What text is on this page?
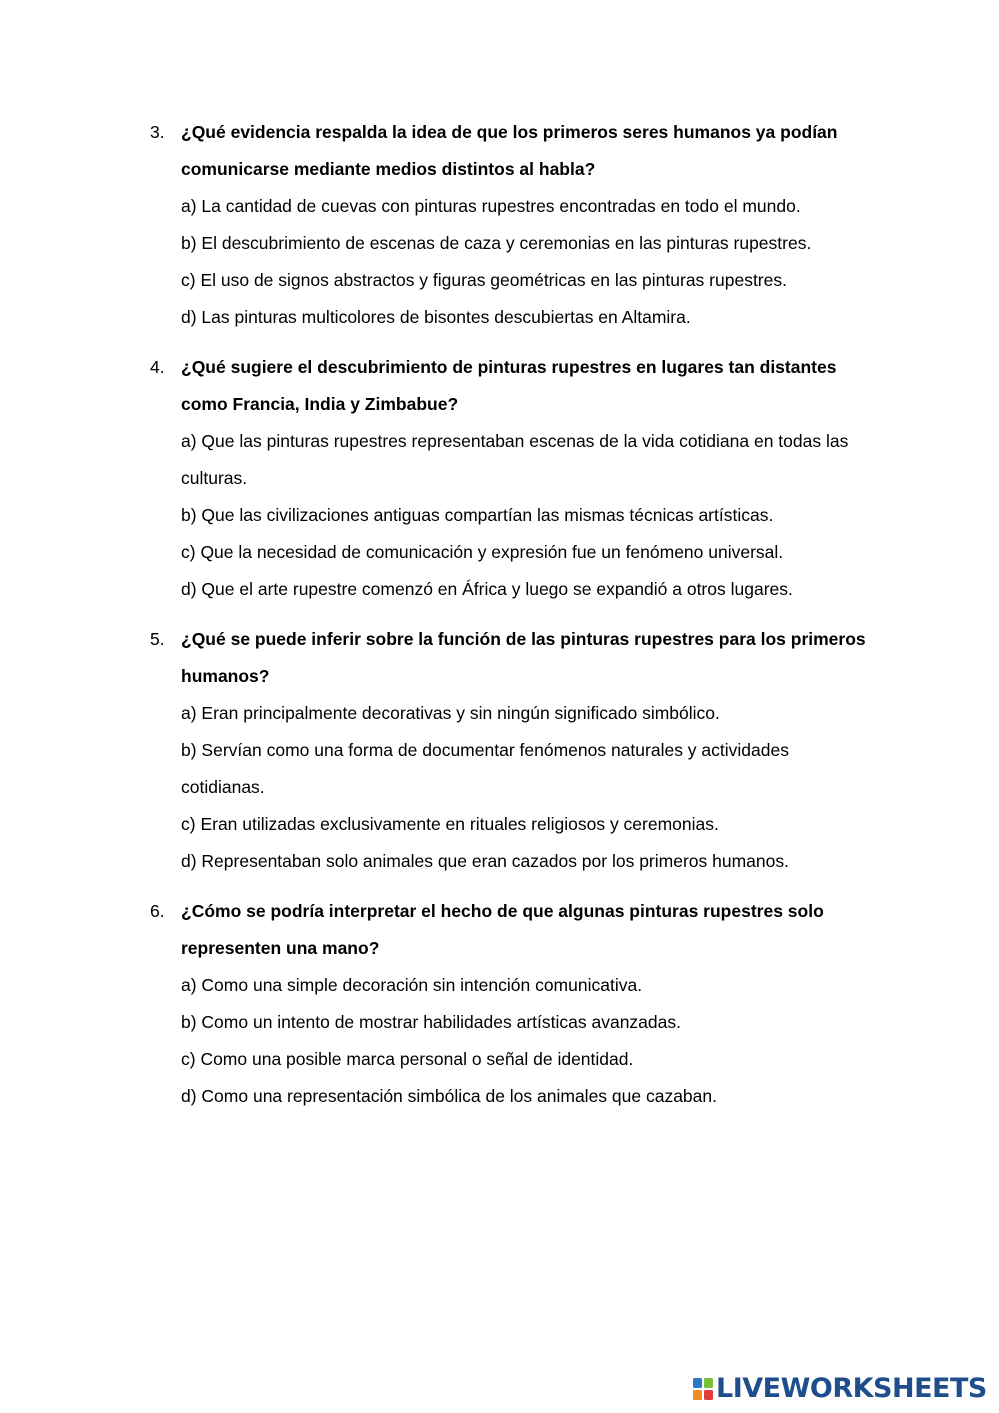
3. ¿Qué evidencia respalda la idea de que los primeros seres humanos ya podían comunicarse mediante medios distintos al habla?
a) La cantidad de cuevas con pinturas rupestres encontradas en todo el mundo.
b) El descubrimiento de escenas de caza y ceremonias en las pinturas rupestres.
c) El uso de signos abstractos y figuras geométricas en las pinturas rupestres.
d) Las pinturas multicolores de bisontes descubiertas en Altamira.
4. ¿Qué sugiere el descubrimiento de pinturas rupestres en lugares tan distantes como Francia, India y Zimbabue?
a) Que las pinturas rupestres representaban escenas de la vida cotidiana en todas las culturas.
b) Que las civilizaciones antiguas compartían las mismas técnicas artísticas.
c) Que la necesidad de comunicación y expresión fue un fenómeno universal.
d) Que el arte rupestre comenzó en África y luego se expandió a otros lugares.
5. ¿Qué se puede inferir sobre la función de las pinturas rupestres para los primeros humanos?
a) Eran principalmente decorativas y sin ningún significado simbólico.
b) Servían como una forma de documentar fenómenos naturales y actividades cotidianas.
c) Eran utilizadas exclusivamente en rituales religiosos y ceremonias.
d) Representaban solo animales que eran cazados por los primeros humanos.
6. ¿Cómo se podría interpretar el hecho de que algunas pinturas rupestres solo representen una mano?
a) Como una simple decoración sin intención comunicativa.
b) Como un intento de mostrar habilidades artísticas avanzadas.
c) Como una posible marca personal o señal de identidad.
d) Como una representación simbólica de los animales que cazaban.
LIVEWORKSHEETS
